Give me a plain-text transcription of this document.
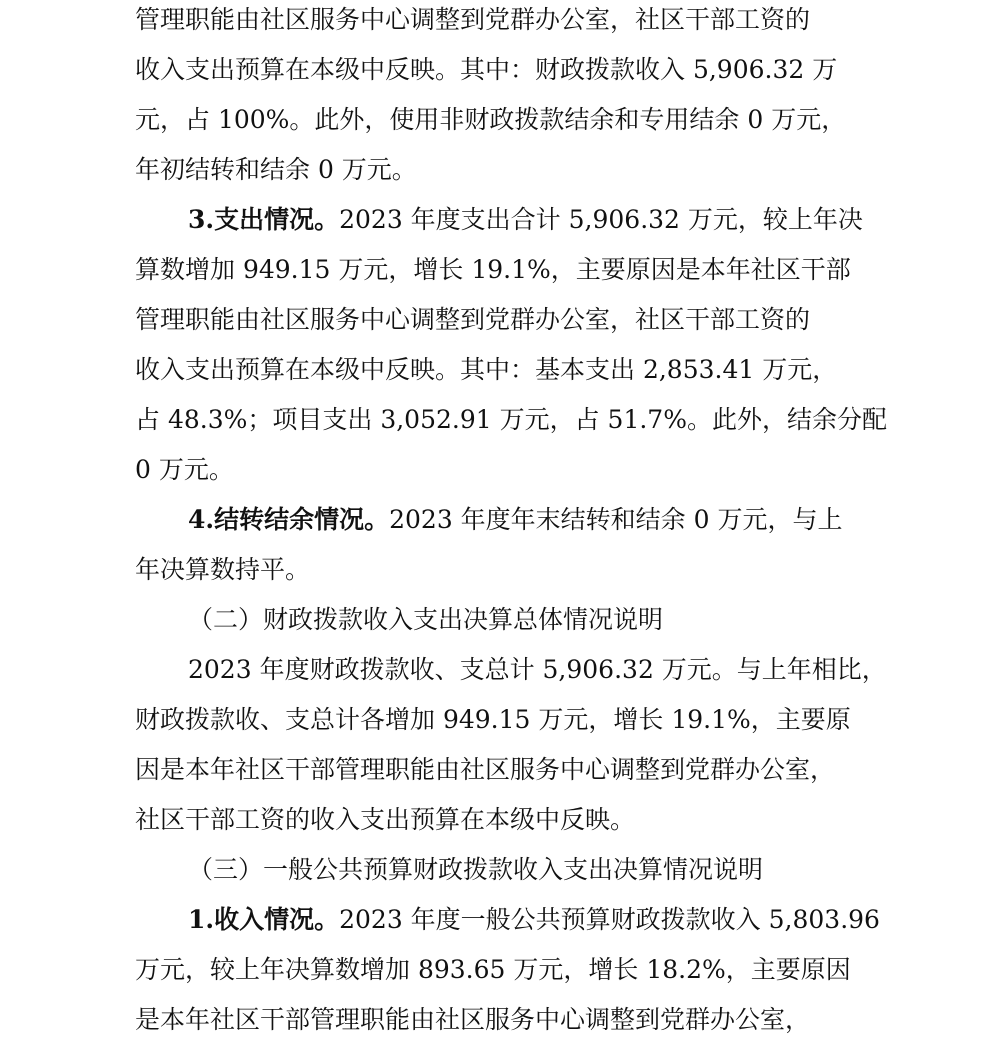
管理职能由社区服务中心调整到党群办公室，社区干部工资的
收入支出预算在本级中反映。其中：财政拨款收入 5,906.32 万
元，占 100%。此外，使用非财政拨款结余和专用结余 0 万元，
年初结转和结余 0 万元。
3.支出情况。2023 年度支出合计 5,906.32 万元，较上年决
算数增加 949.15 万元，增长 19.1%，主要原因是本年社区干部
管理职能由社区服务中心调整到党群办公室，社区干部工资的
收入支出预算在本级中反映。其中：基本支出 2,853.41 万元，
占 48.3%；项目支出 3,052.91 万元，占 51.7%。此外，结余分配
0 万元。
4.结转结余情况。2023 年度年末结转和结余 0 万元，与上
年决算数持平。
（二）财政拨款收入支出决算总体情况说明
2023 年度财政拨款收、支总计 5,906.32 万元。与上年相比，
财政拨款收、支总计各增加 949.15 万元，增长 19.1%，主要原
因是本年社区干部管理职能由社区服务中心调整到党群办公室，
社区干部工资的收入支出预算在本级中反映。
（三）一般公共预算财政拨款收入支出决算情况说明
1.收入情况。2023 年度一般公共预算财政拨款收入 5,803.96
万元，较上年决算数增加 893.65 万元，增长 18.2%，主要原因
是本年社区干部管理职能由社区服务中心调整到党群办公室，
